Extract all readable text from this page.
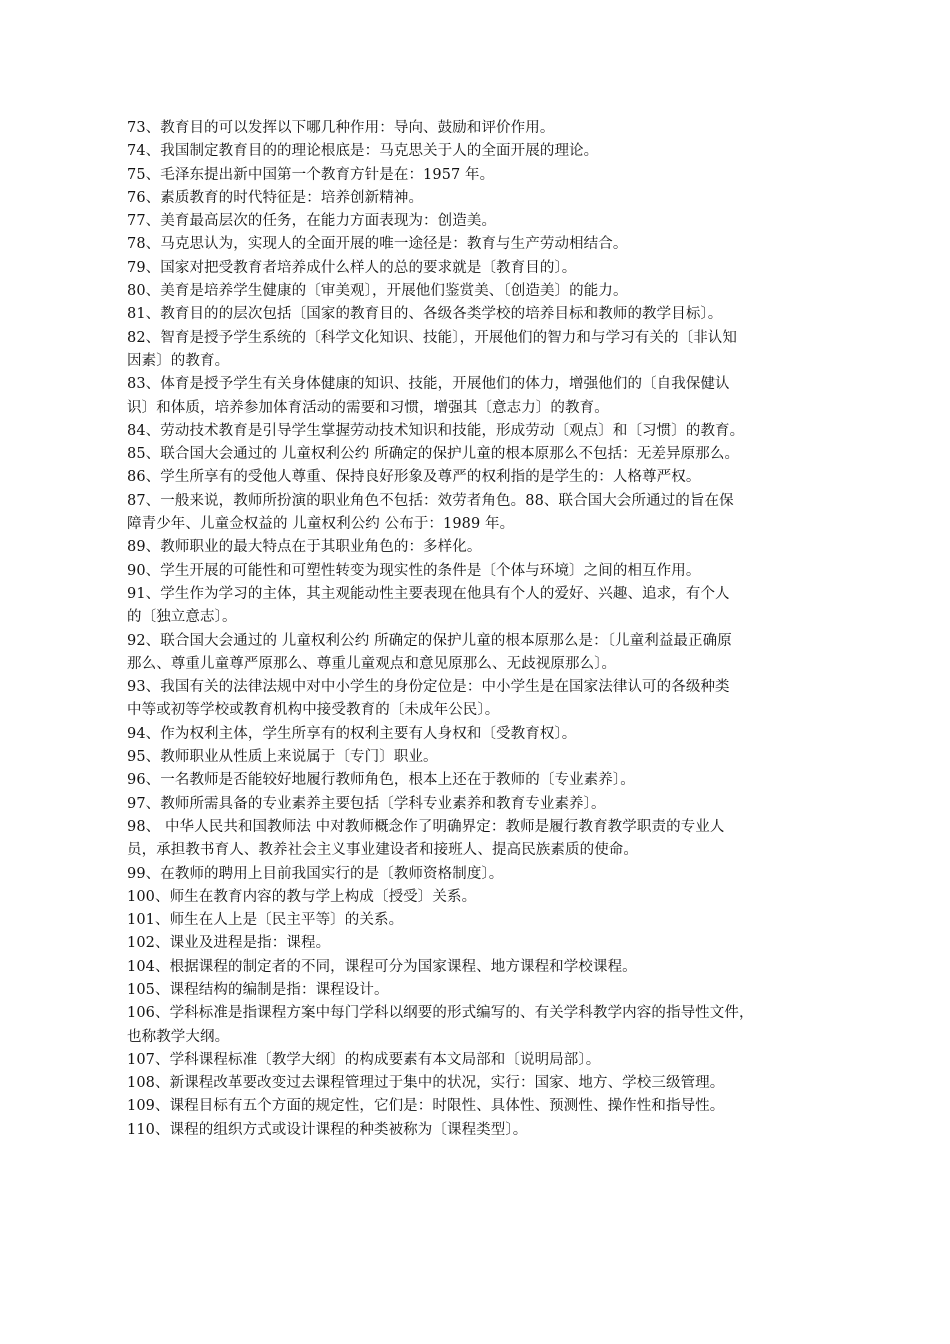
73、教育目的可以发挥以下哪几种作用：导向、鼓励和评价作用。
74、我国制定教育目的的理论根底是：马克思关于人的全面开展的理论。
75、毛泽东提出新中国第一个教育方针是在：1957 年。
76、素质教育的时代特征是：培养创新精神。
77、美育最高层次的任务，在能力方面表现为：创造美。
78、马克思认为，实现人的全面开展的唯一途径是：教育与生产劳动相结合。
79、国家对把受教育者培养成什么样人的总的要求就是〔教育目的〕。
80、美育是培养学生健康的〔审美观〕，开展他们鉴赏美、〔创造美〕的能力。
81、教育目的的层次包括〔国家的教育目的、各级各类学校的培养目标和教师的教学目标〕。
82、智育是授予学生系统的〔科学文化知识、技能〕，开展他们的智力和与学习有关的〔非认知
因素〕的教育。
83、体育是授予学生有关身体健康的知识、技能，开展他们的体力，增强他们的〔自我保健认
识〕和体质，培养参加体育活动的需要和习惯，增强其〔意志力〕的教育。
84、劳动技术教育是引导学生掌握劳动技术知识和技能，形成劳动〔观点〕和〔习惯〕的教育。
85、联合国大会通过的 儿童权利公约 所确定的保护儿童的根本原那么不包括：无差异原那么。
86、学生所享有的受他人尊重、保持良好形象及尊严的权利指的是学生的：人格尊严权。
87、一般来说，教师所扮演的职业角色不包括：效劳者角色。88、联合国大会所通过的旨在保
障青少年、儿童佥权益的 儿童权利公约 公布于：1989 年。
89、教师职业的最大特点在于其职业角色的：多样化。
90、学生开展的可能性和可塑性转变为现实性的条件是〔个体与环境〕之间的相互作用。
91、学生作为学习的主体，其主观能动性主要表现在他具有个人的爱好、兴趣、追求，有个人
的〔独立意志〕。
92、联合国大会通过的 儿童权利公约 所确定的保护儿童的根本原那么是：〔儿童利益最正确原
那么、尊重儿童尊严原那么、尊重儿童观点和意见原那么、无歧视原那么〕。
93、我国有关的法律法规中对中小学生的身份定位是：中小学生是在国家法律认可的各级种类
中等或初等学校或教育机构中接受教育的〔未成年公民〕。
94、作为权利主体，学生所享有的权利主要有人身权和〔受教育权〕。
95、教师职业从性质上来说属于〔专门〕职业。
96、一名教师是否能较好地履行教师角色，根本上还在于教师的〔专业素养〕。
97、教师所需具备的专业素养主要包括〔学科专业素养和教育专业素养〕。
98、 中华人民共和国教师法 中对教师概念作了明确界定：教师是履行教育教学职责的专业人
员，承担教书育人、教养社会主义事业建设者和接班人、提高民族素质的使命。
99、在教师的聘用上目前我国实行的是〔教师资格制度〕。
100、师生在教育内容的教与学上构成〔授受〕关系。
101、师生在人上是〔民主平等〕的关系。
102、课业及进程是指：课程。
104、根据课程的制定者的不同，课程可分为国家课程、地方课程和学校课程。
105、课程结构的编制是指：课程设计。
106、学科标准是指课程方案中每门学科以纲要的形式编写的、有关学科教学内容的指导性文件，
也称教学大纲。
107、学科课程标准〔教学大纲〕的构成要素有本文局部和〔说明局部〕。
108、新课程改革要改变过去课程管理过于集中的状况，实行：国家、地方、学校三级管理。
109、课程目标有五个方面的规定性，它们是：时限性、具体性、预测性、操作性和指导性。
110、课程的组织方式或设计课程的种类被称为〔课程类型〕。
